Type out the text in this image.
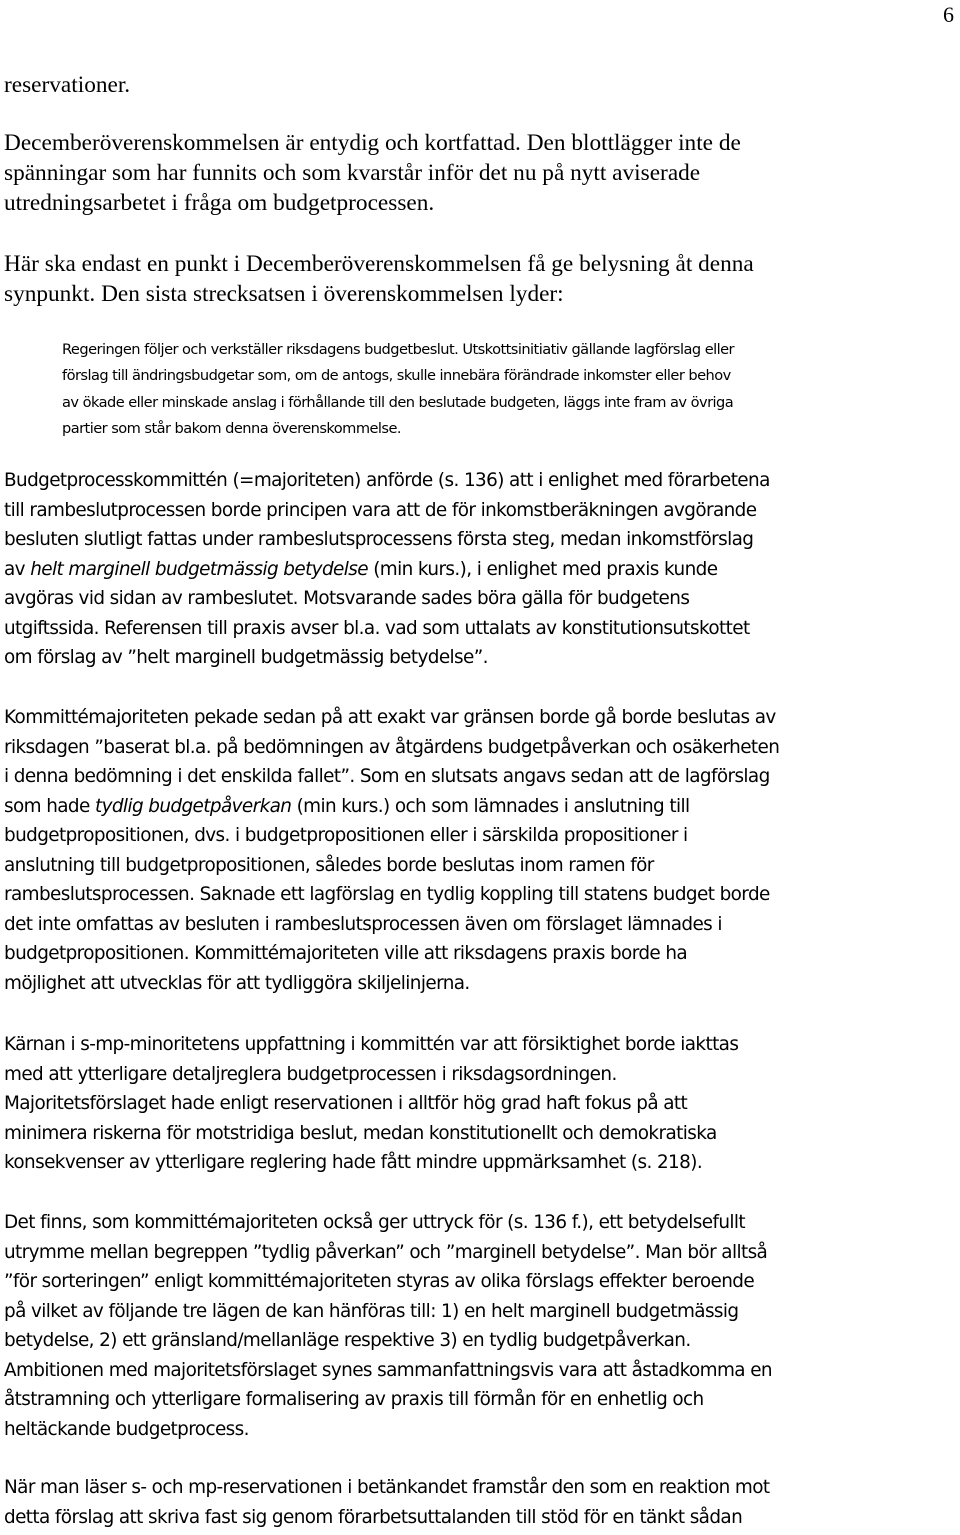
6

reservationer.

Decemberöverenskommelsen är entydig och kortfattad. Den blottlägger inte de
spänningar som har funnits och som kvarstår inför det nu på nytt aviserade
utredningsarbetet i fråga om budgetprocessen.

Här ska endast en punkt i Decemberöverenskommelsen få ge belysning åt denna
synpunkt. Den sista strecksatsen i överenskommelsen lyder:

Regeringen följer och verkställer riksdagens budgetbeslut. Utskottsinitiativ gällande lagförslag eller
förslag till ändringsbudgetar som, om de antogs, skulle innebära förändrade inkomster eller behov
av ökade eller minskade anslag i förhållande till den beslutade budgeten, läggs inte fram av övriga
partier som står bakom denna överenskommelse.

Budgetprocesskommittén (=majoriteten) anförde (s. 136) att i enlighet med förarbetena
till rambeslutprocessen borde principen vara att de för inkomstberäkningen avgörande
besluten slutligt fattas under rambeslutsprocessens första steg, medan inkomstförslag
av helt marginell budgetmässig betydelse (min kurs.), i enlighet med praxis kunde
avgöras vid sidan av rambeslutet. Motsvarande sades böra gälla för budgetens
utgiftssida. Referensen till praxis avser bl.a. vad som uttalats av konstitutionsutskottet
om förslag av ”helt marginell budgetmässig betydelse”.

Kommittémajoriteten pekade sedan på att exakt var gränsen borde gå borde beslutas av
riksdagen ”baserat bl.a. på bedömningen av åtgärdens budgetpåverkan och osäkerheten
i denna bedömning i det enskilda fallet”. Som en slutsats angavs sedan att de lagförslag
som hade tydlig budgetpåverkan (min kurs.) och som lämnades i anslutning till
budgetpropositionen, dvs. i budgetpropositionen eller i särskilda propositioner i
anslutning till budgetpropositionen, således borde beslutas inom ramen för
rambeslutsprocessen. Saknade ett lagförslag en tydlig koppling till statens budget borde
det inte omfattas av besluten i rambeslutsprocessen även om förslaget lämnades i
budgetpropositionen. Kommittémajoriteten ville att riksdagens praxis borde ha
möjlighet att utvecklas för att tydliggöra skiljelinjerna.

Kärnan i s-mp-minoritetens uppfattning i kommittén var att försiktighet borde iakttas
med att ytterligare detaljreglera budgetprocessen i riksdagsordningen.
Majoritetsförslaget hade enligt reservationen i alltför hög grad haft fokus på att
minimera riskerna för motstridiga beslut, medan konstitutionellt och demokratiska
konsekvenser av ytterligare reglering hade fått mindre uppmärksamhet (s. 218).

Det finns, som kommittémajoriteten också ger uttryck för (s. 136 f.), ett betydelsefullt
utrymme mellan begreppen ”tydlig påverkan” och ”marginell betydelse”. Man bör alltså
”för sorteringen” enligt kommittémajoriteten styras av olika förslags effekter beroende
på vilket av följande tre lägen de kan hänföras till: 1) en helt marginell budgetmässig
betydelse, 2) ett gränsland/mellanläge respektive 3) en tydlig budgetpåverkan.
Ambitionen med majoritetsförslaget synes sammanfattningsvis vara att åstadkomma en
åtstramning och ytterligare formalisering av praxis till förmån för en enhetlig och
heltäckande budgetprocess.

När man läser s- och mp-reservationen i betänkandet framstår den som en reaktion mot
detta förslag att skriva fast sig genom förarbetsuttalanden till stöd för en tänkt sådan
